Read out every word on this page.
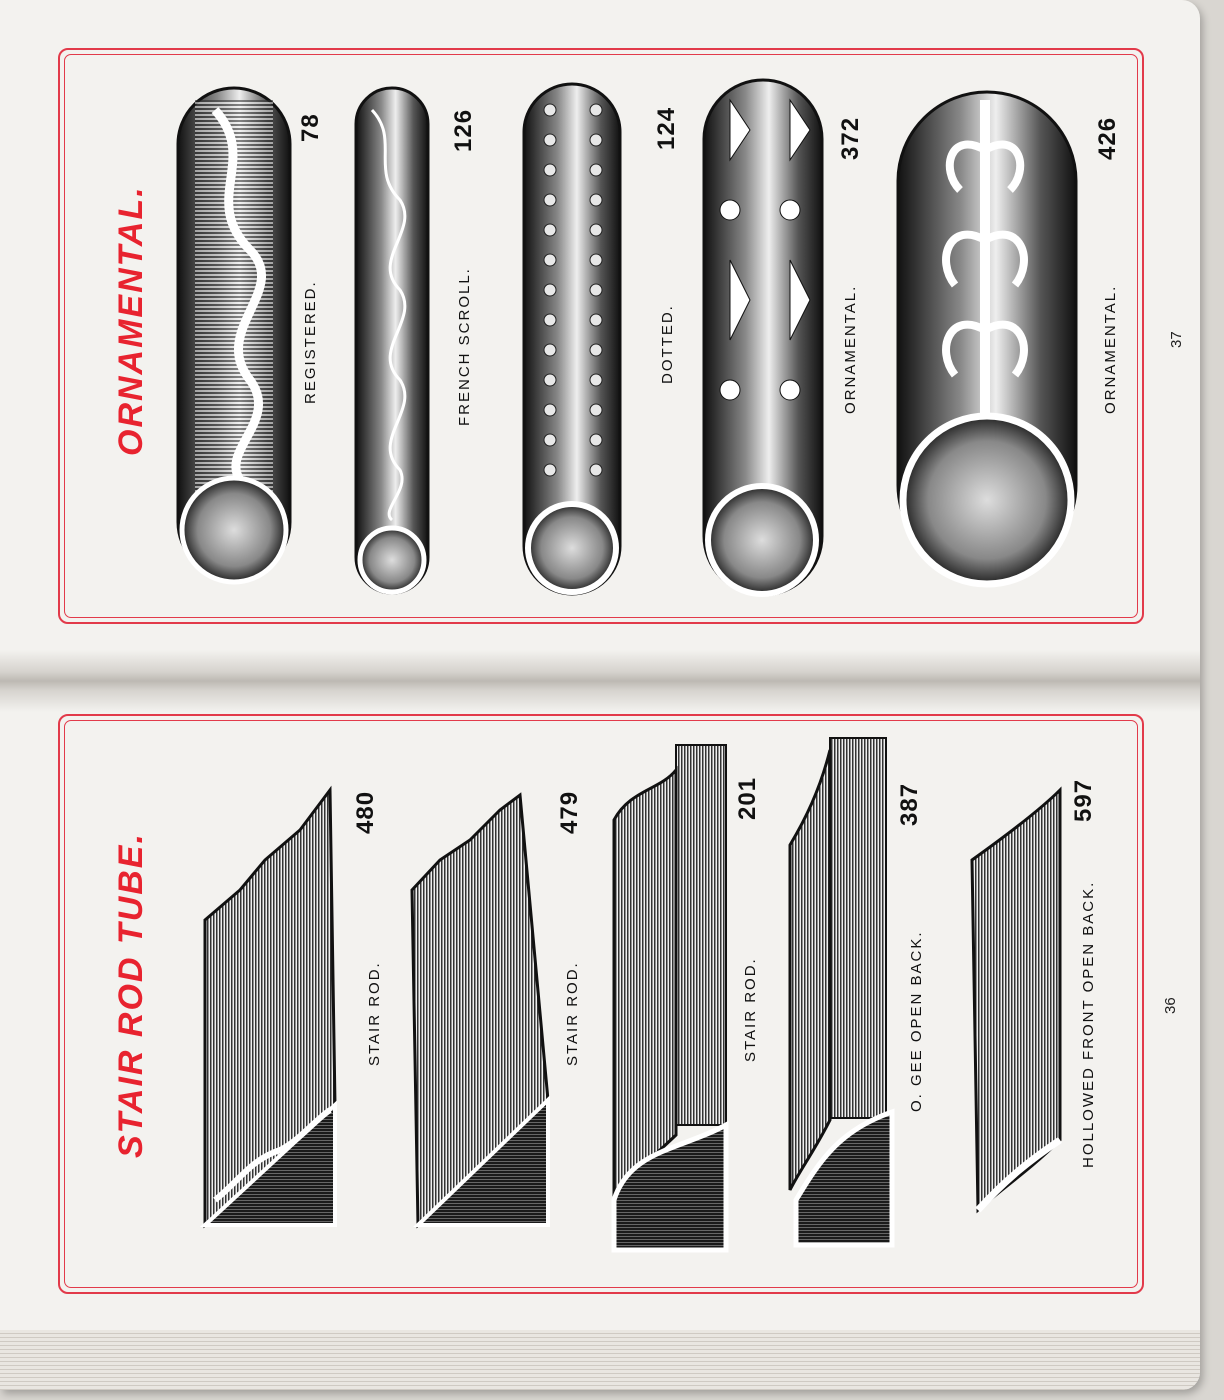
ORNAMENTAL.
78
REGISTERED.
126
FRENCH SCROLL.
124
DOTTED.
372
ORNAMENTAL.
426
ORNAMENTAL.	37
STAIR ROD TUBE.
480
STAIR ROD.
479
STAIR ROD.
201
STAIR ROD.
387
O. GEE OPEN BACK.
597
HOLLOWED FRONT OPEN BACK.	36
